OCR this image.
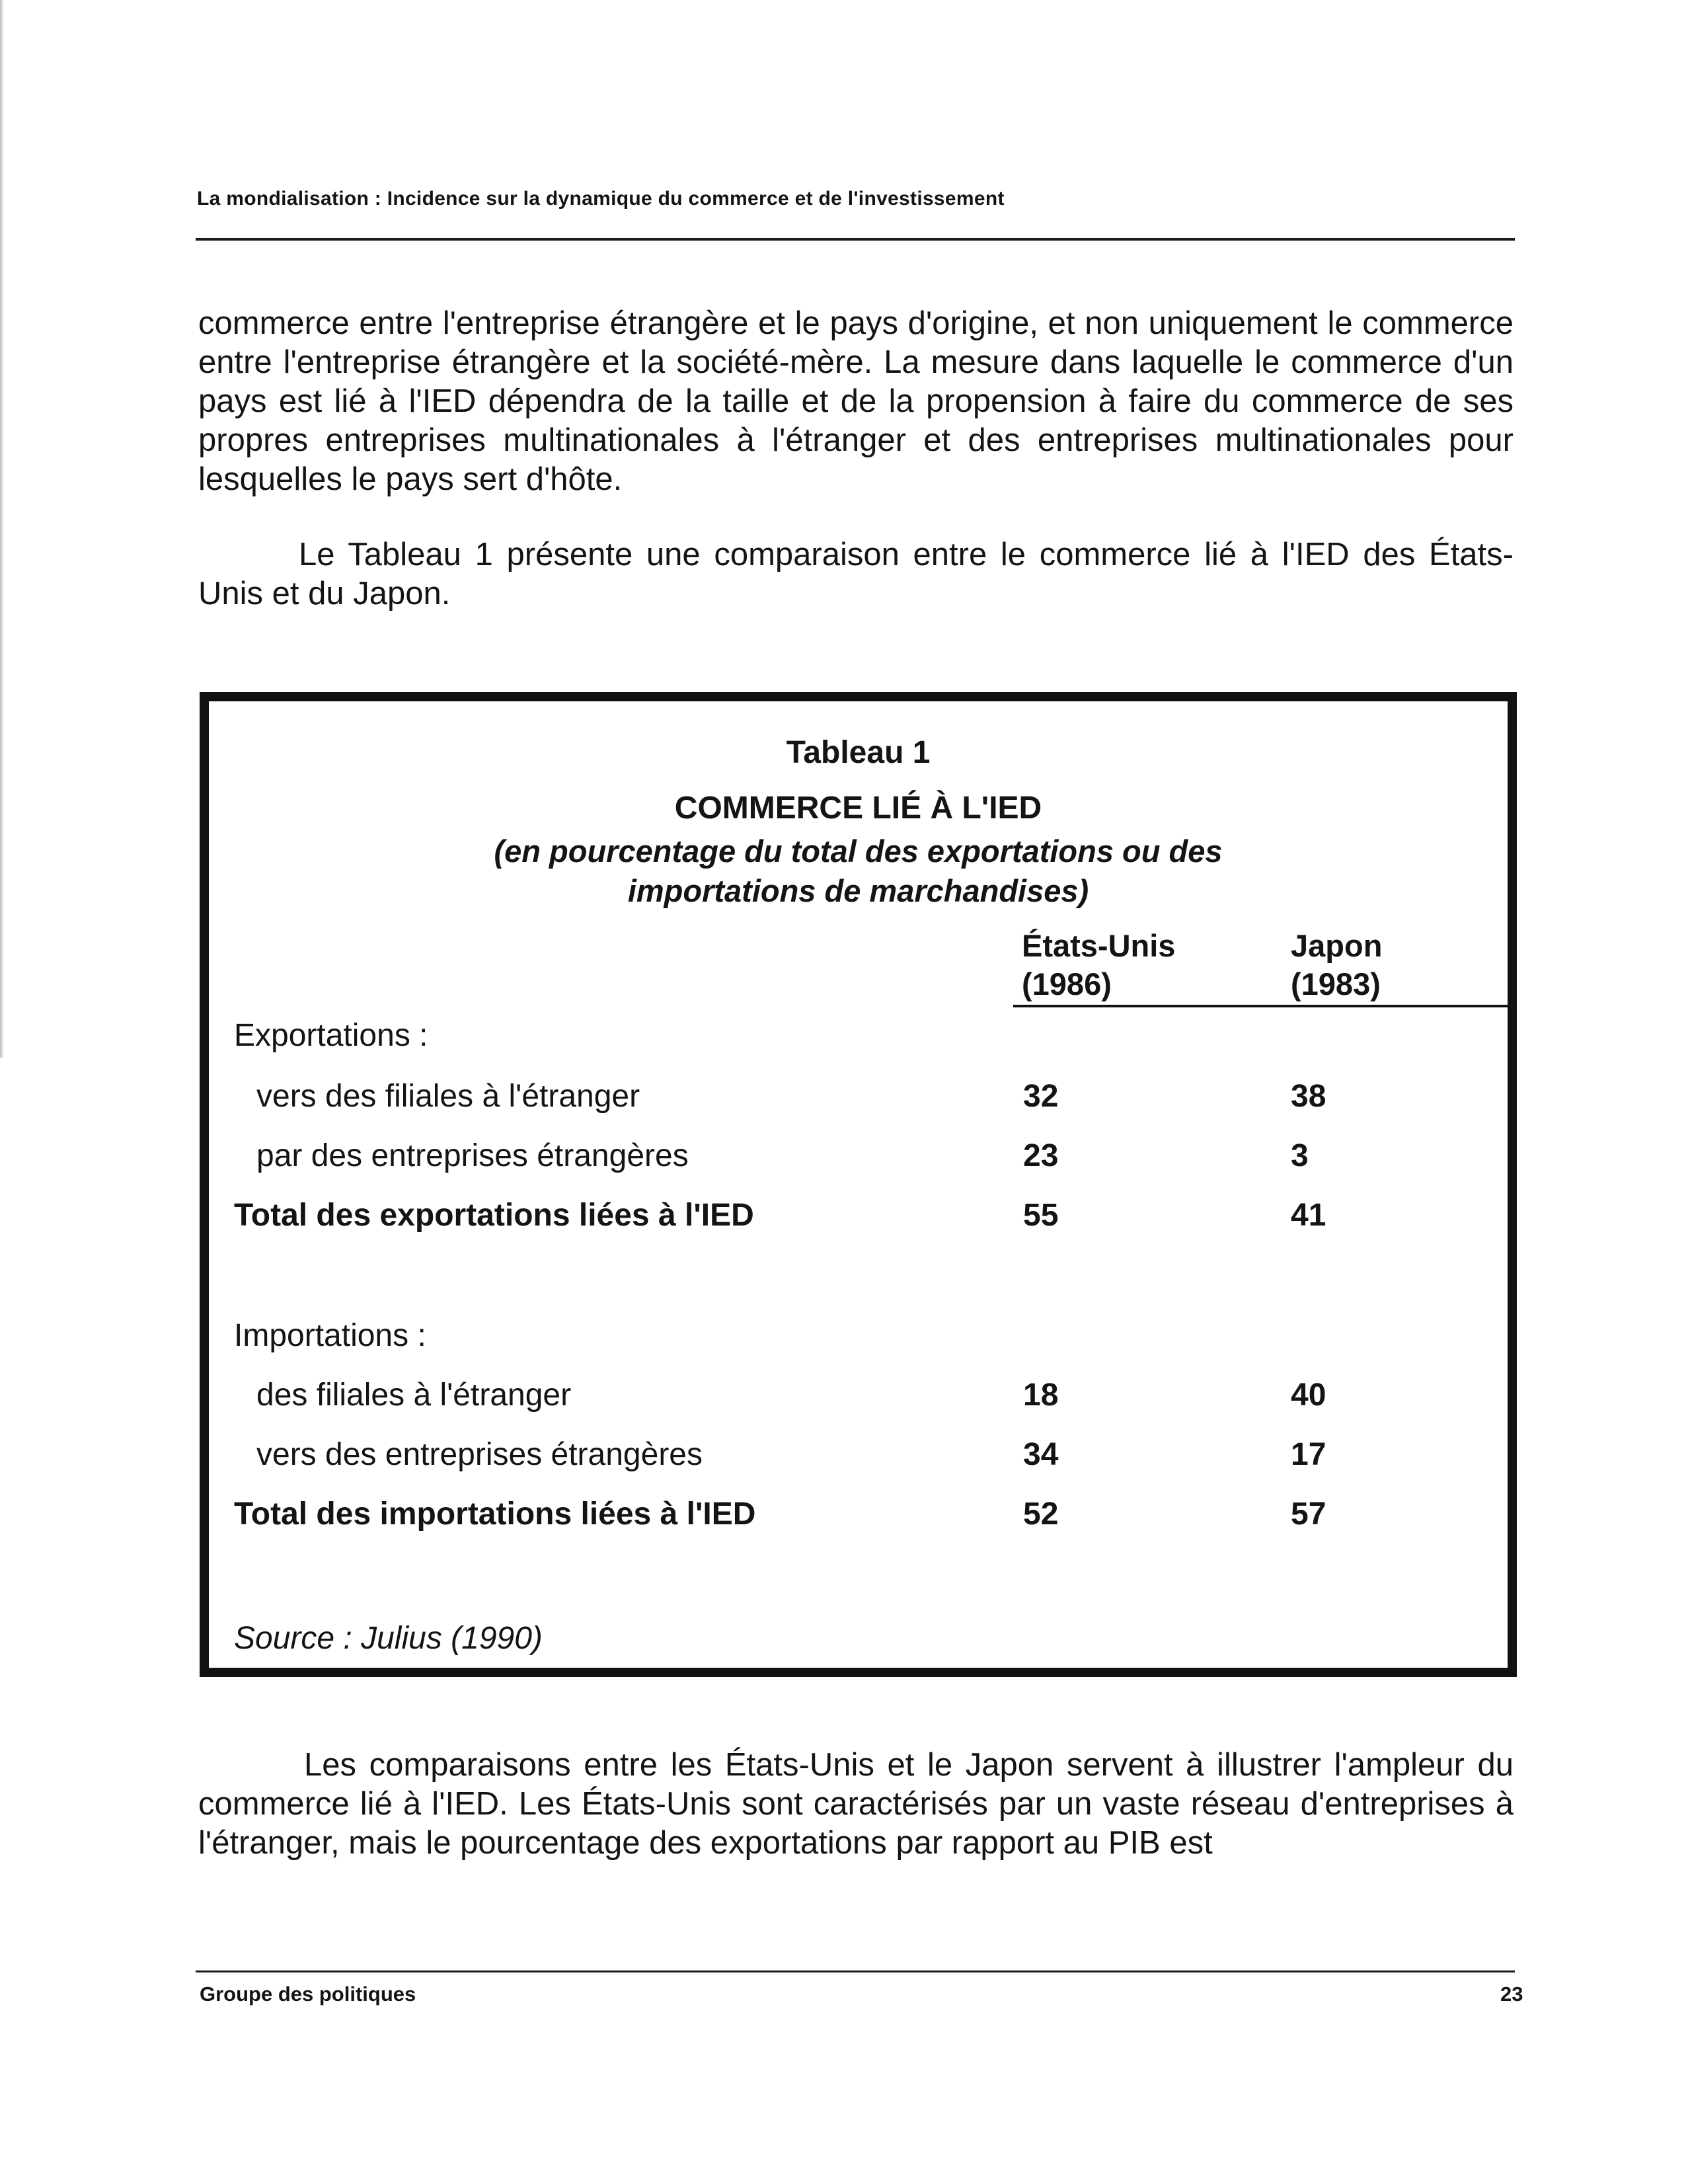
La mondialisation : Incidence sur la dynamique du commerce et de l'investissement

commerce entre l'entreprise étrangère et le pays d'origine, et non uniquement le commerce entre l'entreprise étrangère et la société-mère. La mesure dans laquelle le commerce d'un pays est lié à l'IED dépendra de la taille et de la propension à faire du commerce de ses propres entreprises multinationales à l'étranger et des entreprises multinationales pour lesquelles le pays sert d'hôte.

Le Tableau 1 présente une comparaison entre le commerce lié à l'IED des États-Unis et du Japon.

Tableau 1
COMMERCE LIÉ À L'IED
(en pourcentage du total des exportations ou des
importations de marchandises)
États-Unis
(1986)
Japon
(1983)
Exportations :
vers des filiales à l'étranger	32	38
par des entreprises étrangères	23	3
Total des exportations liées à l'IED	55	41
Importations :
des filiales à l'étranger	18	40
vers des entreprises étrangères	34	17
Total des importations liées à l'IED	52	57
Source : Julius (1990)

Les comparaisons entre les États-Unis et le Japon servent à illustrer l'ampleur du commerce lié à l'IED. Les États-Unis sont caractérisés par un vaste réseau d'entreprises à l'étranger, mais le pourcentage des exportations par rapport au PIB est

Groupe des politiques	23
